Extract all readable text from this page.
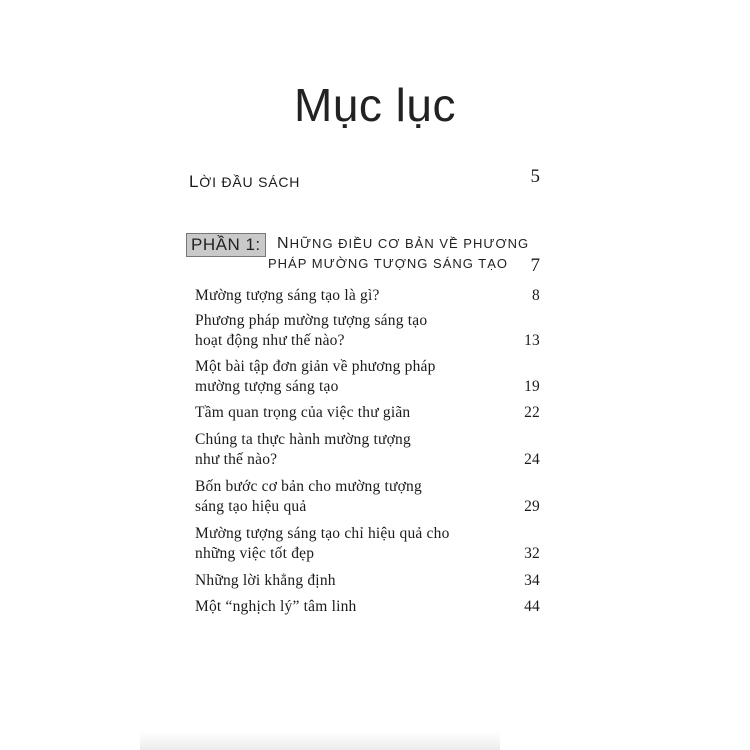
Mục lục
LỜI ĐẦU SÁCH	5
PHẦN 1:	NHỮNG ĐIỀU CƠ BẢN VỀ PHƯƠNG
PHÁP MƯỜNG TƯỢNG SÁNG TẠO	7
Mường tượng sáng tạo là gì?	8
Phương pháp mường tượng sáng tạo
hoạt động như thế nào?	13
Một bài tập đơn giản về phương pháp
mường tượng sáng tạo	19
Tầm quan trọng của việc thư giãn	22
Chúng ta thực hành mường tượng
như thế nào?	24
Bốn bước cơ bản cho mường tượng
sáng tạo hiệu quả	29
Mường tượng sáng tạo chỉ hiệu quả cho
những việc tốt đẹp	32
Những lời khẳng định	34
Một “nghịch lý” tâm linh	44
